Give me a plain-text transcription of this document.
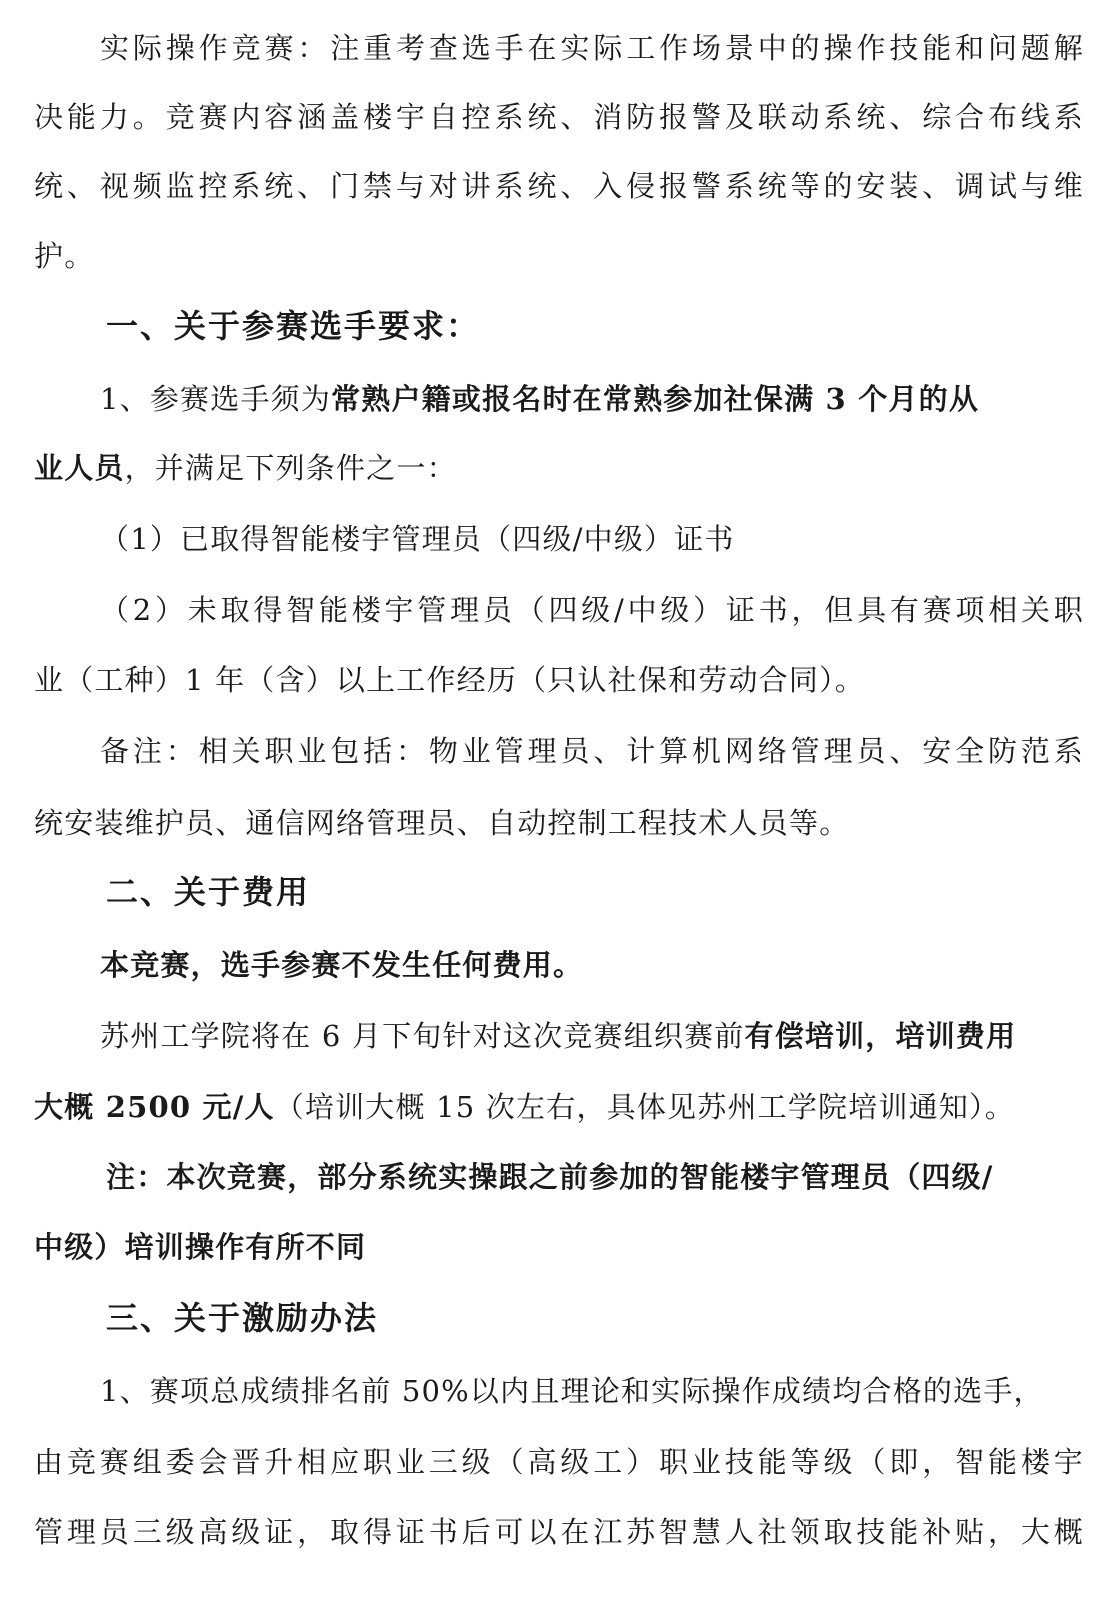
实际操作竞赛：注重考查选手在实际工作场景中的操作技能和问题解
决能力。竞赛内容涵盖楼宇自控系统、消防报警及联动系统、综合布线系
统、视频监控系统、门禁与对讲系统、入侵报警系统等的安装、调试与维
护。
一、关于参赛选手要求：
1、参赛选手须为常熟户籍或报名时在常熟参加社保满 3 个月的从
业人员，并满足下列条件之一：
（1）已取得智能楼宇管理员（四级/中级）证书
（2）未取得智能楼宇管理员（四级/中级）证书，但具有赛项相关职
业（工种）1 年（含）以上工作经历（只认社保和劳动合同）。
备注：相关职业包括：物业管理员、计算机网络管理员、安全防范系
统安装维护员、通信网络管理员、自动控制工程技术人员等。
二、关于费用
本竞赛，选手参赛不发生任何费用。
苏州工学院将在 6 月下旬针对这次竞赛组织赛前有偿培训，培训费用
大概 2500 元/人（培训大概 15 次左右，具体见苏州工学院培训通知）。
注：本次竞赛，部分系统实操跟之前参加的智能楼宇管理员（四级/
中级）培训操作有所不同
三、关于激励办法
1、赛项总成绩排名前 50%以内且理论和实际操作成绩均合格的选手，
由竞赛组委会晋升相应职业三级（高级工）职业技能等级（即，智能楼宇
管理员三级高级证，取得证书后可以在江苏智慧人社领取技能补贴，大概
